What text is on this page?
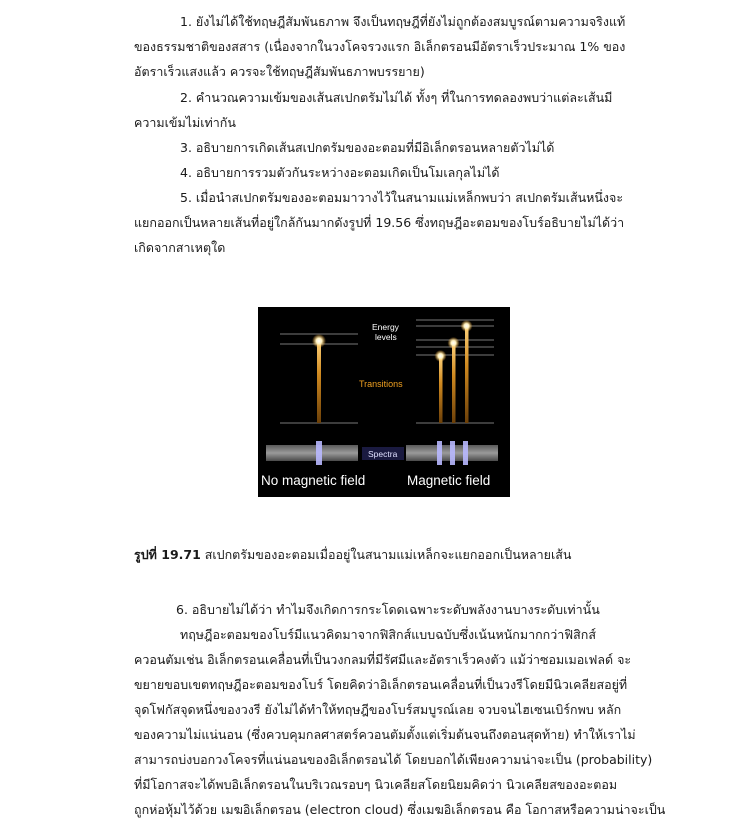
1. ยังไม่ได้ใช้ทฤษฎีสัมพันธภาพ จึงเป็นทฤษฎีที่ยังไม่ถูกต้องสมบูรณ์ตามความจริงแท้
ของธรรมชาติของสสาร (เนื่องจากในวงโคจรวงแรก อิเล็กตรอนมีอัตราเร็วประมาณ 1% ของ
อัตราเร็วแสงแล้ว ควรจะใช้ทฤษฎีสัมพันธภาพบรรยาย)
2. คำนวณความเข้มของเส้นสเปกตรัมไม่ได้ ทั้งๆ ที่ในการทดลองพบว่าแต่ละเส้นมี
ความเข้มไม่เท่ากัน
3. อธิบายการเกิดเส้นสเปกตรัมของอะตอมที่มีอิเล็กตรอนหลายตัวไม่ได้
4. อธิบายการรวมตัวกันระหว่างอะตอมเกิดเป็นโมเลกุลไม่ได้
5. เมื่อนำสเปกตรัมของอะตอมมาวางไว้ในสนามแม่เหล็กพบว่า สเปกตรัมเส้นหนึ่งจะ
แยกออกเป็นหลายเส้นที่อยู่ใกล้กันมากดังรูปที่ 19.56 ซึ่งทฤษฎีอะตอมของโบร์อธิบายไม่ได้ว่า
เกิดจากสาเหตุใด
Energy
levels
Transitions
Spectra
No magnetic field	Magnetic field
รูปที่ 19.71 สเปกตรัมของอะตอมเมื่ออยู่ในสนามแม่เหล็กจะแยกออกเป็นหลายเส้น
6. อธิบายไม่ได้ว่า ทำไมจึงเกิดการกระโดดเฉพาะระดับพลังงานบางระดับเท่านั้น
ทฤษฎีอะตอมของโบร์มีแนวคิดมาจากฟิสิกส์แบบฉบับซึ่งเน้นหนักมากกว่าฟิสิกส์
ควอนตัมเช่น อิเล็กตรอนเคลื่อนที่เป็นวงกลมที่มีรัศมีและอัตราเร็วคงตัว แม้ว่าซอมเมอเฟลด์ จะ
ขยายขอบเขตทฤษฎีอะตอมของโบร์ โดยคิดว่าอิเล็กตรอนเคลื่อนที่เป็นวงรีโดยมีนิวเคลียสอยู่ที่
จุดโฟกัสจุดหนึ่งของวงรี ยังไม่ได้ทำให้ทฤษฎีของโบร์สมบูรณ์เลย จวบจนไฮเซนเบิร์กพบ หลัก
ของความไม่แน่นอน (ซึ่งควบคุมกลศาสตร์ควอนตัมตั้งแต่เริ่มต้นจนถึงตอนสุดท้าย) ทำให้เราไม่
สามารถบ่งบอกวงโคจรที่แน่นอนของอิเล็กตรอนได้ โดยบอกได้เพียงความน่าจะเป็น (probability)
ที่มีโอกาสจะได้พบอิเล็กตรอนในบริเวณรอบๆ นิวเคลียสโดยนิยมคิดว่า นิวเคลียสของอะตอม
ถูกห่อหุ้มไว้ด้วย เมฆอิเล็กตรอน (electron cloud) ซึ่งเมฆอิเล็กตรอน คือ โอกาสหรือความน่าจะเป็น
